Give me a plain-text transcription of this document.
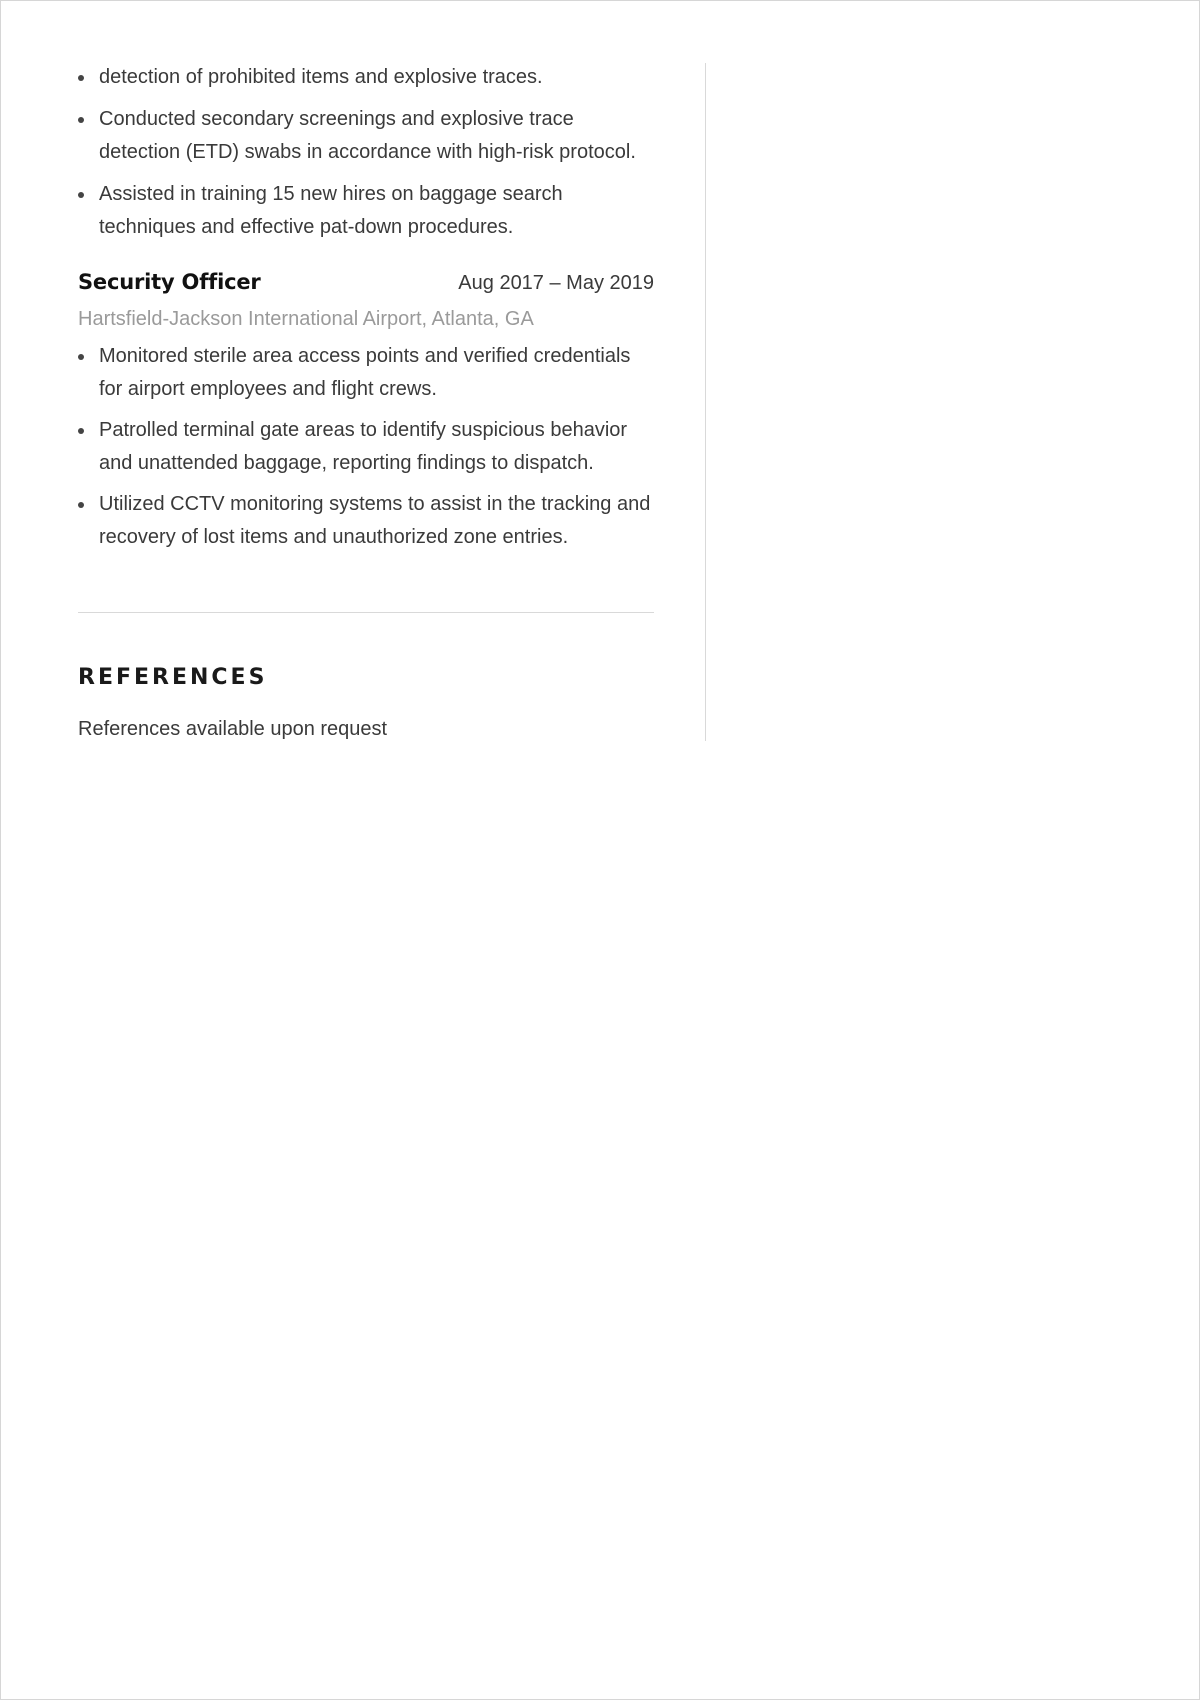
detection of prohibited items and explosive traces.
Conducted secondary screenings and explosive trace detection (ETD) swabs in accordance with high-risk protocol.
Assisted in training 15 new hires on baggage search techniques and effective pat-down procedures.
Security Officer	Aug 2017 – May 2019
Hartsfield-Jackson International Airport, Atlanta, GA
Monitored sterile area access points and verified credentials for airport employees and flight crews.
Patrolled terminal gate areas to identify suspicious behavior and unattended baggage, reporting findings to dispatch.
Utilized CCTV monitoring systems to assist in the tracking and recovery of lost items and unauthorized zone entries.
REFERENCES
References available upon request
